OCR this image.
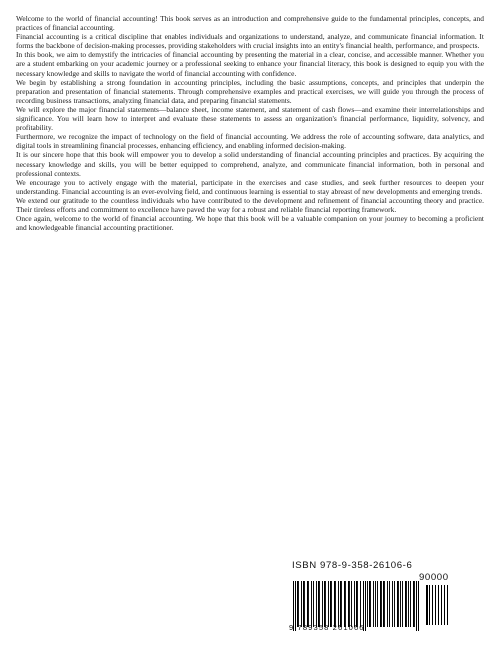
Welcome to the world of financial accounting! This book serves as an introduction and comprehensive guide to the fundamental principles, concepts, and practices of financial accounting.

Financial accounting is a critical discipline that enables individuals and organizations to understand, analyze, and communicate financial information. It forms the backbone of decision-making processes, providing stakeholders with crucial insights into an entity's financial health, performance, and prospects.

In this book, we aim to demystify the intricacies of financial accounting by presenting the material in a clear, concise, and accessible manner. Whether you are a student embarking on your academic journey or a professional seeking to enhance your financial literacy, this book is designed to equip you with the necessary knowledge and skills to navigate the world of financial accounting with confidence.

We begin by establishing a strong foundation in accounting principles, including the basic assumptions, concepts, and principles that underpin the preparation and presentation of financial statements. Through comprehensive examples and practical exercises, we will guide you through the process of recording business transactions, analyzing financial data, and preparing financial statements.

We will explore the major financial statements—balance sheet, income statement, and statement of cash flows—and examine their interrelationships and significance. You will learn how to interpret and evaluate these statements to assess an organization's financial performance, liquidity, solvency, and profitability.

Furthermore, we recognize the impact of technology on the field of financial accounting. We address the role of accounting software, data analytics, and digital tools in streamlining financial processes, enhancing efficiency, and enabling informed decision-making.

It is our sincere hope that this book will empower you to develop a solid understanding of financial accounting principles and practices. By acquiring the necessary knowledge and skills, you will be better equipped to comprehend, analyze, and communicate financial information, both in personal and professional contexts.

We encourage you to actively engage with the material, participate in the exercises and case studies, and seek further resources to deepen your understanding. Financial accounting is an ever-evolving field, and continuous learning is essential to stay abreast of new developments and emerging trends.

We extend our gratitude to the countless individuals who have contributed to the development and refinement of financial accounting theory and practice. Their tireless efforts and commitment to excellence have paved the way for a robust and reliable financial reporting framework.

Once again, welcome to the world of financial accounting. We hope that this book will be a valuable companion on your journey to becoming a proficient and knowledgeable financial accounting practitioner.

ISBN 978-9-358-26106-6
90000
9 789358 261066
